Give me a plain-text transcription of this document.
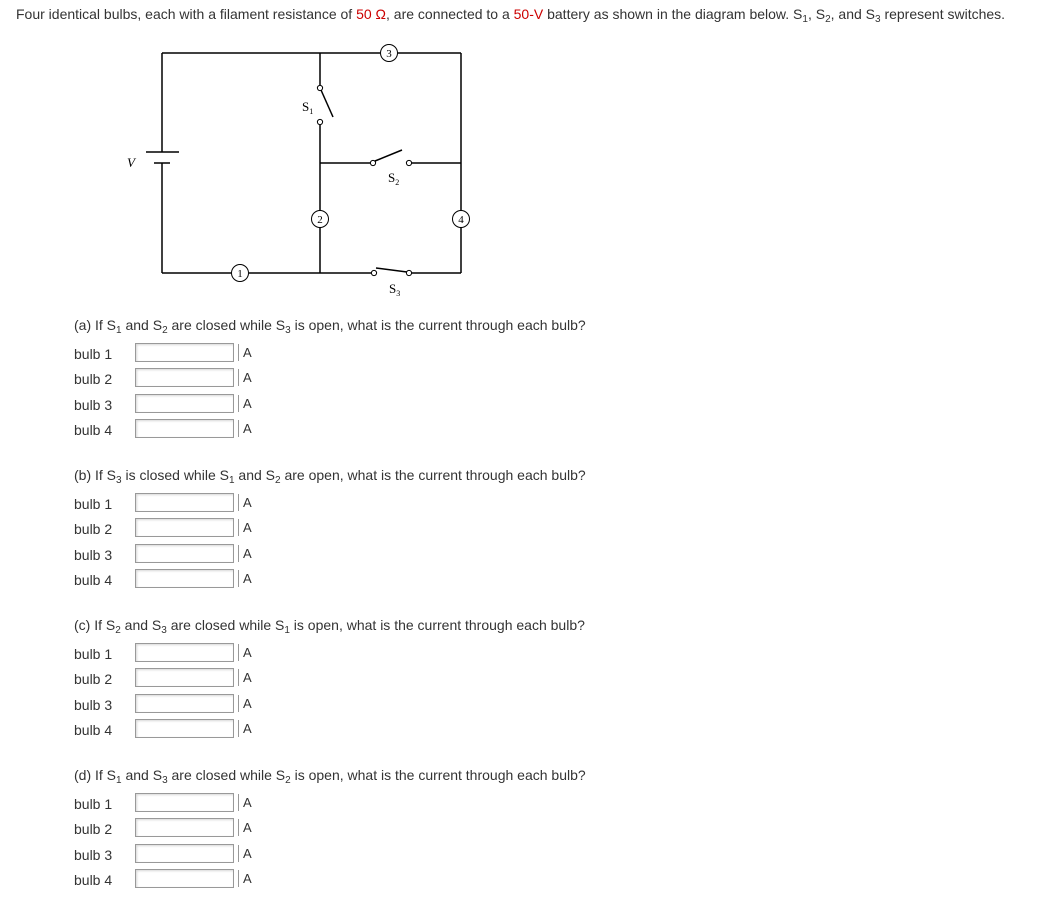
Four identical bulbs, each with a filament resistance of 50 Ω, are connected to a 50-V battery as shown in the diagram below. $S_1$, $S_2$, and $S_3$ represent switches.
1
2
3
4
V
$S_1$
$S_2$
$S_3$
(a) If $S_1$ and $S_2$ are closed while $S_3$ is open, what is the current through each bulb?
bulb 1	A
bulb 2	A
bulb 3	A
bulb 4	A
(b) If $S_3$ is closed while $S_1$ and $S_2$ are open, what is the current through each bulb?
bulb 1	A
bulb 2	A
bulb 3	A
bulb 4	A
(c) If $S_2$ and $S_3$ are closed while $S_1$ is open, what is the current through each bulb?
bulb 1	A
bulb 2	A
bulb 3	A
bulb 4	A
(d) If $S_1$ and $S_3$ are closed while $S_2$ is open, what is the current through each bulb?
bulb 1	A
bulb 2	A
bulb 3	A
bulb 4	A
